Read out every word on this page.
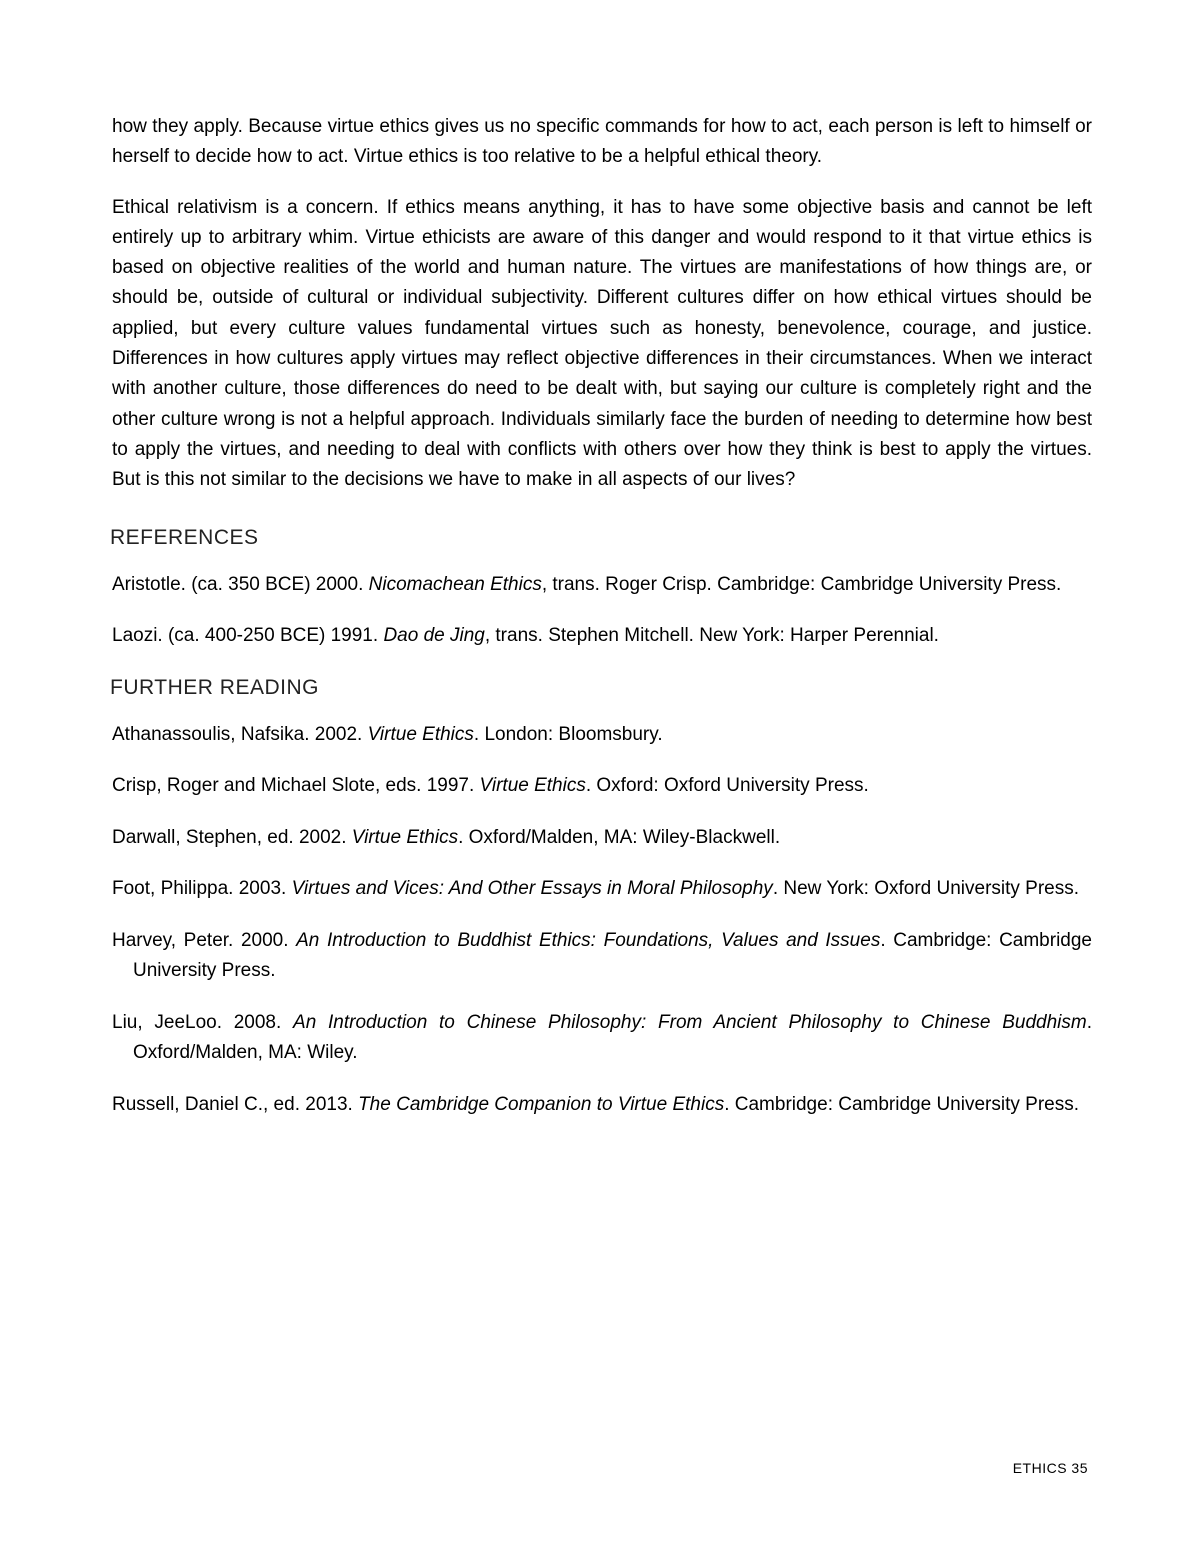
how they apply. Because virtue ethics gives us no specific commands for how to act, each person is left to himself or herself to decide how to act. Virtue ethics is too relative to be a helpful ethical theory.

Ethical relativism is a concern. If ethics means anything, it has to have some objective basis and cannot be left entirely up to arbitrary whim. Virtue ethicists are aware of this danger and would respond to it that virtue ethics is based on objective realities of the world and human nature. The virtues are manifestations of how things are, or should be, outside of cultural or individual subjectivity. Different cultures differ on how ethical virtues should be applied, but every culture values fundamental virtues such as honesty, benevolence, courage, and justice. Differences in how cultures apply virtues may reflect objective differences in their circumstances. When we interact with another culture, those differences do need to be dealt with, but saying our culture is completely right and the other culture wrong is not a helpful approach. Individuals similarly face the burden of needing to determine how best to apply the virtues, and needing to deal with conflicts with others over how they think is best to apply the virtues. But is this not similar to the decisions we have to make in all aspects of our lives?

REFERENCES

Aristotle. (ca. 350 BCE) 2000. Nicomachean Ethics, trans. Roger Crisp. Cambridge: Cambridge University Press.

Laozi. (ca. 400-250 BCE) 1991. Dao de Jing, trans. Stephen Mitchell. New York: Harper Perennial.

FURTHER READING

Athanassoulis, Nafsika. 2002. Virtue Ethics. London: Bloomsbury.

Crisp, Roger and Michael Slote, eds. 1997. Virtue Ethics. Oxford: Oxford University Press.

Darwall, Stephen, ed. 2002. Virtue Ethics. Oxford/Malden, MA: Wiley-Blackwell.

Foot, Philippa. 2003. Virtues and Vices: And Other Essays in Moral Philosophy. New York: Oxford University Press.

Harvey, Peter. 2000. An Introduction to Buddhist Ethics: Foundations, Values and Issues. Cambridge: Cambridge University Press.

Liu, JeeLoo. 2008. An Introduction to Chinese Philosophy: From Ancient Philosophy to Chinese Buddhism. Oxford/Malden, MA: Wiley.

Russell, Daniel C., ed. 2013. The Cambridge Companion to Virtue Ethics. Cambridge: Cambridge University Press.

ETHICS 35
